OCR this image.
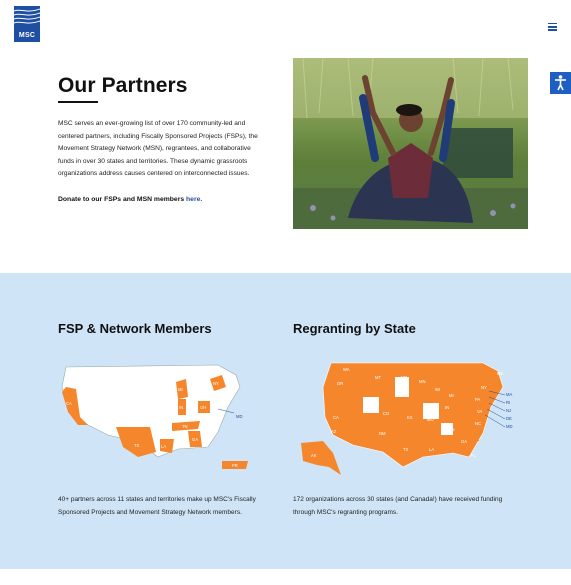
MSC
Our Partners

MSC serves an ever-growing list of over 170 community-led and centered partners, including Fiscally Sponsored Projects (FSPs), the Movement Strategy Network (MSN), regrantees, and collaborative funds in over 30 states and territories. These dynamic grassroots organizations address causes centered on interconnected issues.

Donate to our FSPs and MSN members here.

FSP & Network Members	Regranting by State
CA
MI
NY
IN	OH
TX	LA
TN
GA
PR
MD
WA
OR
MT	ND
MN
WI
MI
ME
NY
CA
CO
KS	MO
IN
AZ	NM
TX	LA
TN
NC
GA
FL
AK
PA
VA
MA
RI
NJ
DE
MD

40+ partners across 11 states and territories make up MSC's Fiscally Sponsored Projects and Movement Strategy Network members.

172 organizations across 30 states (and Canada!) have received funding through MSC's regranting programs.
